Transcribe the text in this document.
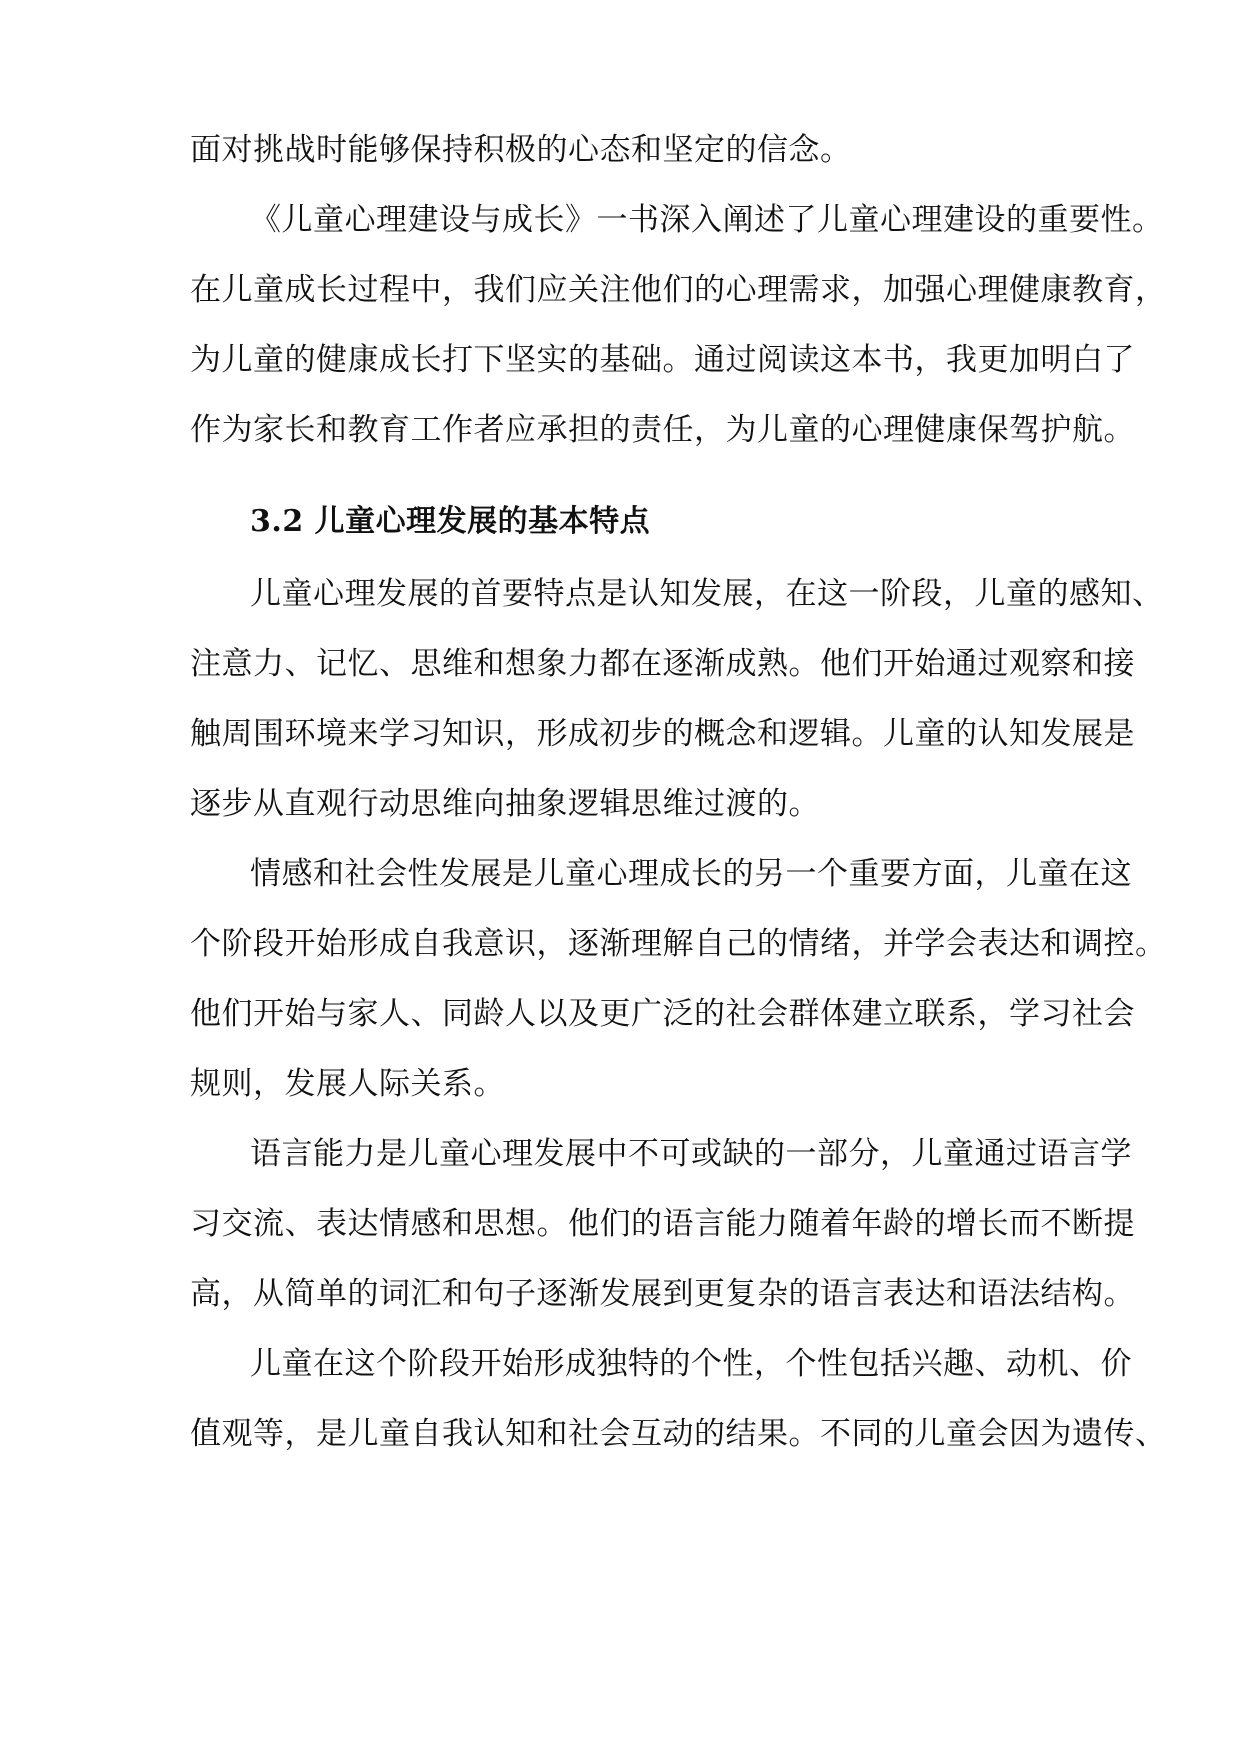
面对挑战时能够保持积极的心态和坚定的信念。
《儿童心理建设与成长》一书深入阐述了儿童心理建设的重要性。
在儿童成长过程中，我们应关注他们的心理需求，加强心理健康教育，
为儿童的健康成长打下坚实的基础。通过阅读这本书，我更加明白了
作为家长和教育工作者应承担的责任，为儿童的心理健康保驾护航。
3.2 儿童心理发展的基本特点
儿童心理发展的首要特点是认知发展，在这一阶段，儿童的感知、
注意力、记忆、思维和想象力都在逐渐成熟。他们开始通过观察和接
触周围环境来学习知识，形成初步的概念和逻辑。儿童的认知发展是
逐步从直观行动思维向抽象逻辑思维过渡的。
情感和社会性发展是儿童心理成长的另一个重要方面，儿童在这
个阶段开始形成自我意识，逐渐理解自己的情绪，并学会表达和调控。
他们开始与家人、同龄人以及更广泛的社会群体建立联系，学习社会
规则，发展人际关系。
语言能力是儿童心理发展中不可或缺的一部分，儿童通过语言学
习交流、表达情感和思想。他们的语言能力随着年龄的增长而不断提
高，从简单的词汇和句子逐渐发展到更复杂的语言表达和语法结构。
儿童在这个阶段开始形成独特的个性，个性包括兴趣、动机、价
值观等，是儿童自我认知和社会互动的结果。不同的儿童会因为遗传、
